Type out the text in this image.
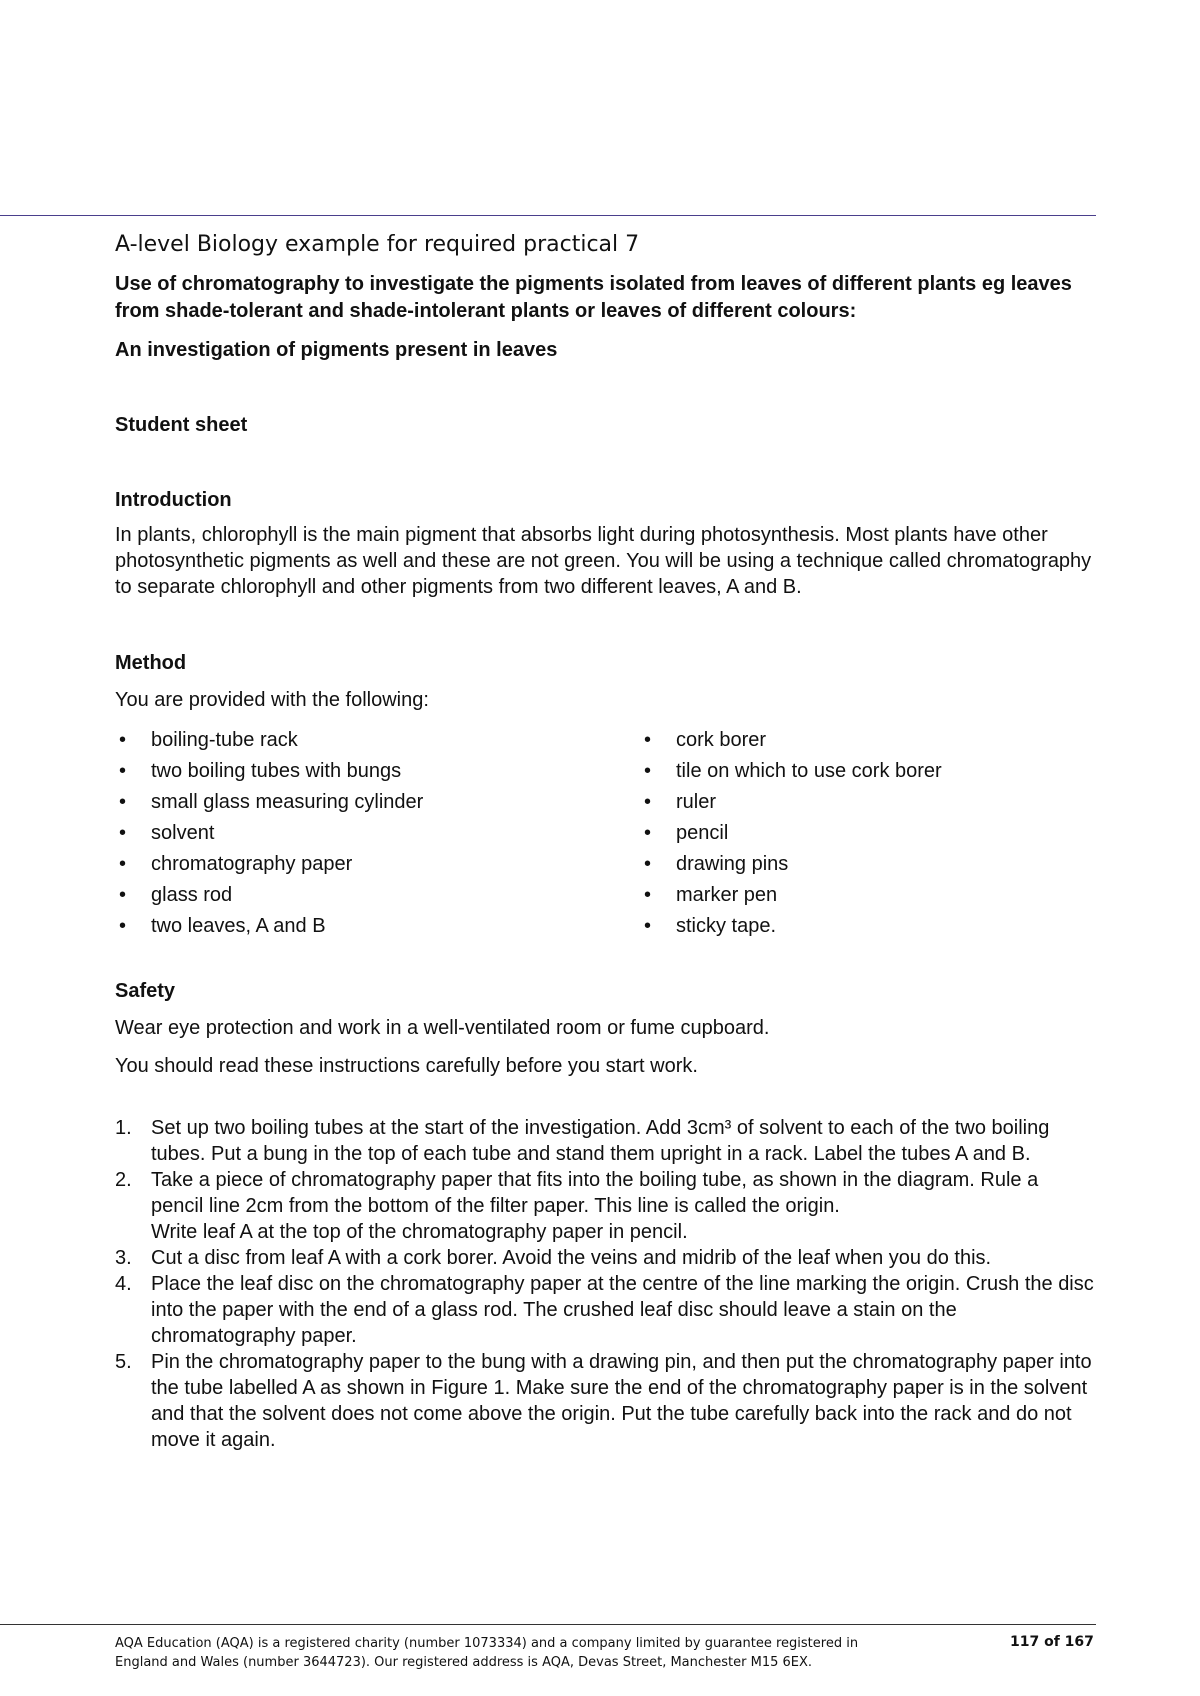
A-level Biology example for required practical 7
Use of chromatography to investigate the pigments isolated from leaves of different plants eg leaves from shade-tolerant and shade-intolerant plants or leaves of different colours:
An investigation of pigments present in leaves
Student sheet
Introduction
In plants, chlorophyll is the main pigment that absorbs light during photosynthesis. Most plants have other photosynthetic pigments as well and these are not green. You will be using a technique called chromatography to separate chlorophyll and other pigments from two different leaves, A and B.
Method
You are provided with the following:
• boiling-tube rack
• two boiling tubes with bungs
• small glass measuring cylinder
• solvent
• chromatography paper
• glass rod
• two leaves, A and B
• cork borer
• tile on which to use cork borer
• ruler
• pencil
• drawing pins
• marker pen
• sticky tape.
Safety
Wear eye protection and work in a well-ventilated room or fume cupboard.
You should read these instructions carefully before you start work.
1. Set up two boiling tubes at the start of the investigation. Add 3cm³ of solvent to each of the two boiling tubes. Put a bung in the top of each tube and stand them upright in a rack. Label the tubes A and B.
2. Take a piece of chromatography paper that fits into the boiling tube, as shown in the diagram. Rule a pencil line 2cm from the bottom of the filter paper. This line is called the origin.
Write leaf A at the top of the chromatography paper in pencil.
3. Cut a disc from leaf A with a cork borer. Avoid the veins and midrib of the leaf when you do this.
4. Place the leaf disc on the chromatography paper at the centre of the line marking the origin. Crush the disc into the paper with the end of a glass rod. The crushed leaf disc should leave a stain on the chromatography paper.
5. Pin the chromatography paper to the bung with a drawing pin, and then put the chromatography paper into the tube labelled A as shown in Figure 1. Make sure the end of the chromatography paper is in the solvent and that the solvent does not come above the origin. Put the tube carefully back into the rack and do not move it again.
AQA Education (AQA) is a registered charity (number 1073334) and a company limited by guarantee registered in
England and Wales (number 3644723). Our registered address is AQA, Devas Street, Manchester M15 6EX.
117 of 167
